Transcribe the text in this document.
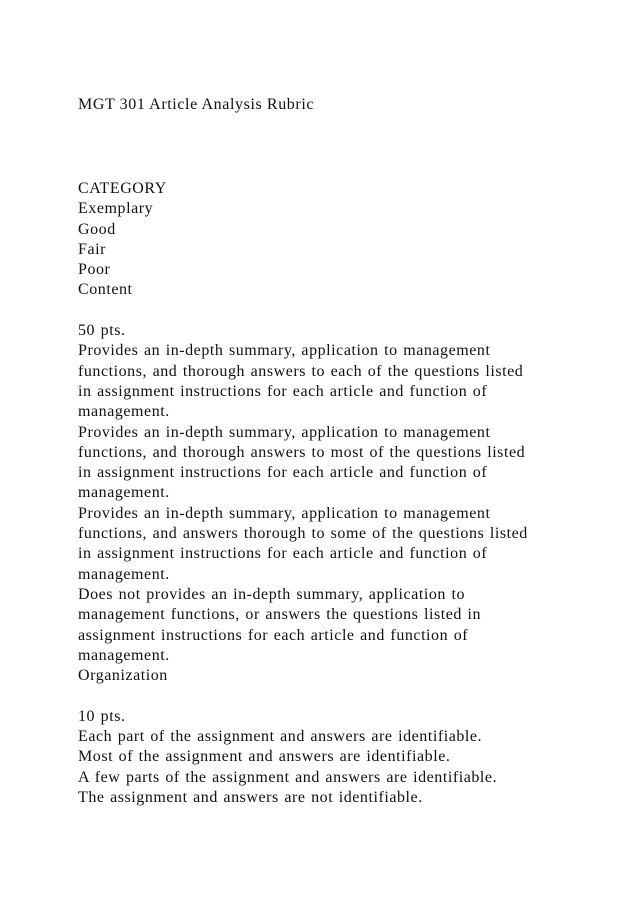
MGT 301 Article Analysis Rubric
CATEGORY
Exemplary
Good
Fair
Poor
Content
50 pts.
Provides an in-depth summary, application to management
functions, and thorough answers to each of the questions listed
in assignment instructions for each article and function of
management.
Provides an in-depth summary, application to management
functions, and thorough answers to most of the questions listed
in assignment instructions for each article and function of
management.
Provides an in-depth summary, application to management
functions, and answers thorough to some of the questions listed
in assignment instructions for each article and function of
management.
Does not provides an in-depth summary, application to
management functions, or answers the questions listed in
assignment instructions for each article and function of
management.
Organization
10 pts.
Each part of the assignment and answers are identifiable.
Most of the assignment and answers are identifiable.
A few parts of the assignment and answers are identifiable.
The assignment and answers are not identifiable.
